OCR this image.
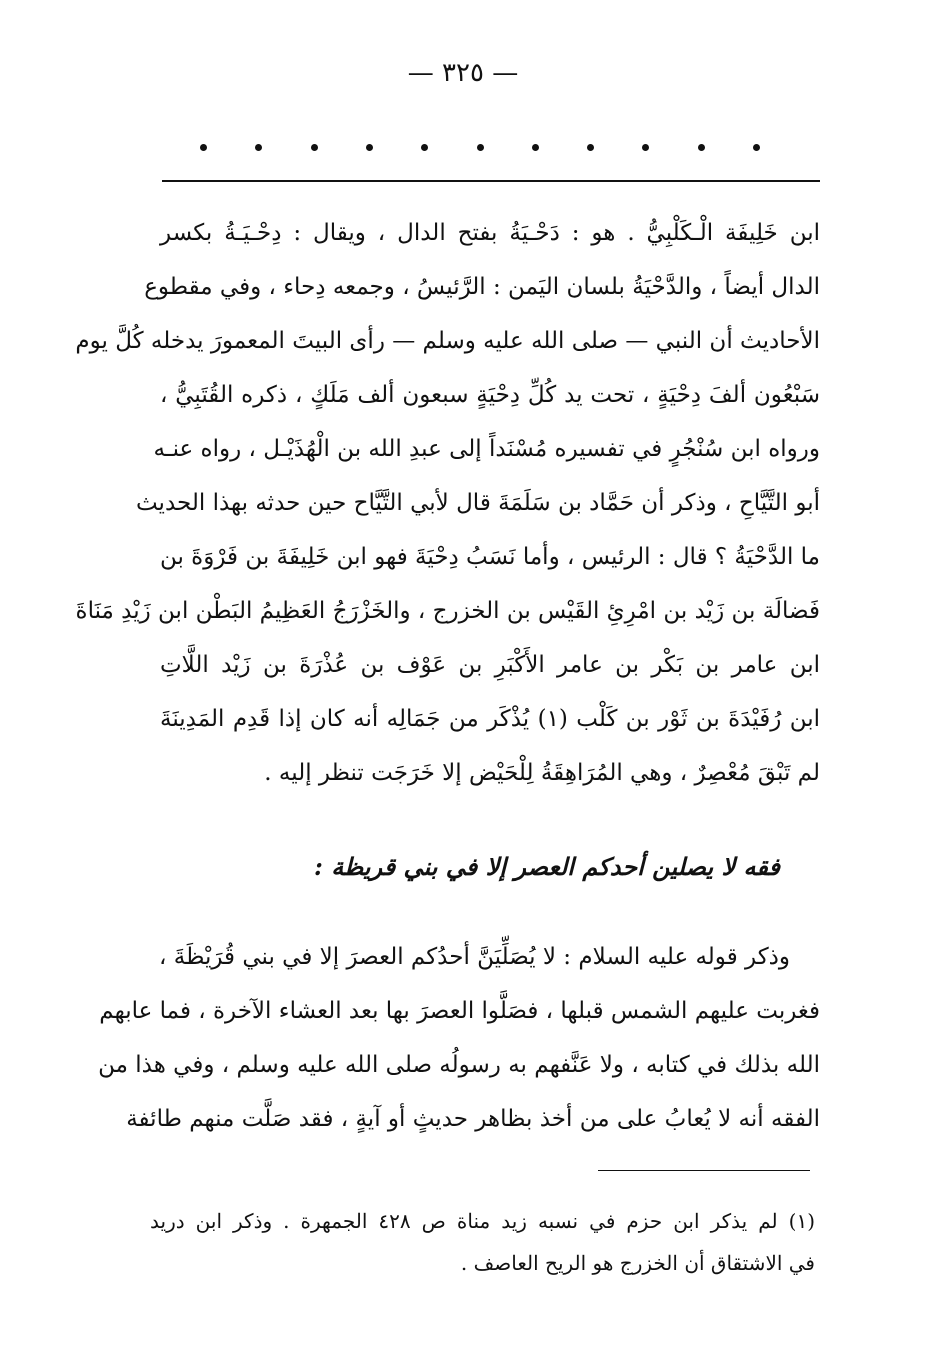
— ٣٢٥ —
ابن خَلِيفَة الْـكَلْبِيُّ . هو : دَحْـيَةُ بفتح الدال ، ويقال : دِحْـيَـةُ بكسر
الدال أيضاً ، والدَّحْيَةُ بلسان اليَمن : الرَّئيسُ ، وجمعه دِحاء ، وفي مقطوع
الأحاديث أن النبي — صلى الله عليه وسلم — رأى البيتَ المعمورَ يدخله كُلَّ يوم
سَبْعُون ألفَ دِحْيَةٍ ، تحت يد كُلِّ دِحْيَةٍ سبعون ألف مَلَكٍ ، ذكره القُتَبِيُّ ،
ورواه ابن سُنْجُرٍ في تفسيره مُسْنَداً إلى عبدِ الله بن الْهُذَيْـل ، رواه عنـه
أبو التَّيَّاحِ ، وذكر أن حَمَّاد بن سَلَمَةَ قال لأبي التَّيَّاح حين حدثه بهذا الحديث
ما الدَّحْيَةُ ؟ قال : الرئيس ، وأما نَسَبُ دِحْيَةَ فهو ابن خَلِيفَةَ بن فَرْوَةَ بن
فَضالَة بن زَيْد بن امْرِئِ القَيْس بن الخزرج ، والخَزْرَجُ العَظِيمُ البَطْن ابن زَيْدِ مَنَاةَ
ابن عامر بن بَكْر بن عامر الأَكْبَرِ بن عَوْف بن عُذْرَةَ بن زَيْد اللَّاتِ
ابن رُفَيْدَةَ بن ثَوْر بن كَلْب (١) يُذْكَر من جَمَالِه أنه كان إذا قَدِم المَدِينَةَ
لم تَبْقَ مُعْصِرٌ ، وهي المُرَاهِقَةُ لِلْحَيْض إلا خَرَجَت تنظر إليه .
فقه لا يصلين أحدكم العصر إلا في بني قريظة :
وذكر قوله عليه السلام : لا يُصَلِّيَنَّ أحدُكم العصرَ إلا في بني قُرَيْظَةَ ،
فغربت عليهم الشمس قبلها ، فصَلَّوا العصرَ بها بعد العشاء الآخرة ، فما عابهم
الله بذلك في كتابه ، ولا عَنَّفهم به رسولُه صلى الله عليه وسلم ، وفي هذا من
الفقه أنه لا يُعابُ على من أخذ بظاهر حديثٍ أو آيةٍ ، فقد صَلَّت منهم طائفة
(١) لم يذكر ابن حزم في نسبه زيد مناة ص ٤٢٨ الجمهرة . وذكر ابن دريد
في الاشتقاق أن الخزرج هو الريح العاصف .
